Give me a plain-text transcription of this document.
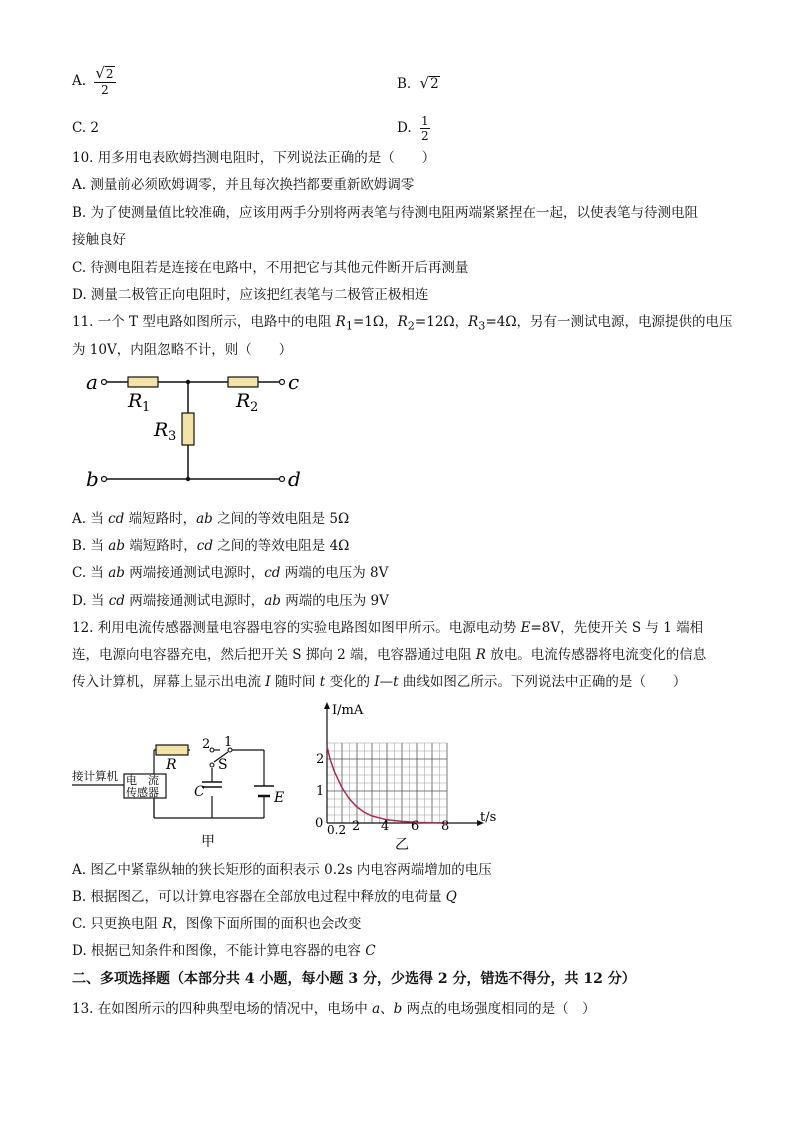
A. $\frac{√2}{2}$	B. √2
C. 2	D. $\frac{1}{2}$
10. 用多用电表欧姆挡测电阻时，下列说法正确的是（　　）
A. 测量前必须欧姆调零，并且每次换挡都要重新欧姆调零
B. 为了使测量值比较准确，应该用两手分别将两表笔与待测电阻两端紧紧捏在一起，以使表笔与待测电阻
接触良好
C. 待测电阻若是连接在电路中，不用把它与其他元件断开后再测量
D. 测量二极管正向电阻时，应该把红表笔与二极管正极相连
11. 一个 T 型电路如图所示，电路中的电阻 $R_1=1\Omega$，$R_2=12\Omega$，$R_3=4\Omega$，另有一测试电源，电源提供的电压
为 10V，内阻忽略不计，则（　　）
a	c
b	d
R 1	R 2
R 3
A. 当 cd 端短路时，ab 之间的等效电阻是 5Ω
B. 当 ab 端短路时，cd 之间的等效电阻是 4Ω
C. 当 ab 两端接通测试电源时，cd 两端的电压为 8V
D. 当 cd 两端接通测试电源时，ab 两端的电压为 9V
12. 利用电流传感器测量电容器电容的实验电路图如图甲所示。电源电动势 E=8V，先使开关 S 与 1 端相
连，电源向电容器充电，然后把开关 S 掷向 2 端，电容器通过电阻 R 放电。电流传感器将电流变化的信息
传入计算机，屏幕上显示出电流 I 随时间 t 变化的 I—t 曲线如图乙所示。下列说法中正确的是（　　）
接计算机 电　流
传感器
R
2 1
S
C	E
甲
I/mA
t/s
2
1
0 0.2 2 4 6 8
乙
A. 图乙中紧靠纵轴的狭长矩形的面积表示 0.2s 内电容两端增加的电压
B. 根据图乙，可以计算电容器在全部放电过程中释放的电荷量 Q
C. 只更换电阻 R，图像下面所围的面积也会改变
D. 根据已知条件和图像，不能计算电容器的电容 C
二、多项选择题（本部分共 4 小题，每小题 3 分，少选得 2 分，错选不得分，共 12 分）
13. 在如图所示的四种典型电场的情况中，电场中 a、b 两点的电场强度相同的是（　）
